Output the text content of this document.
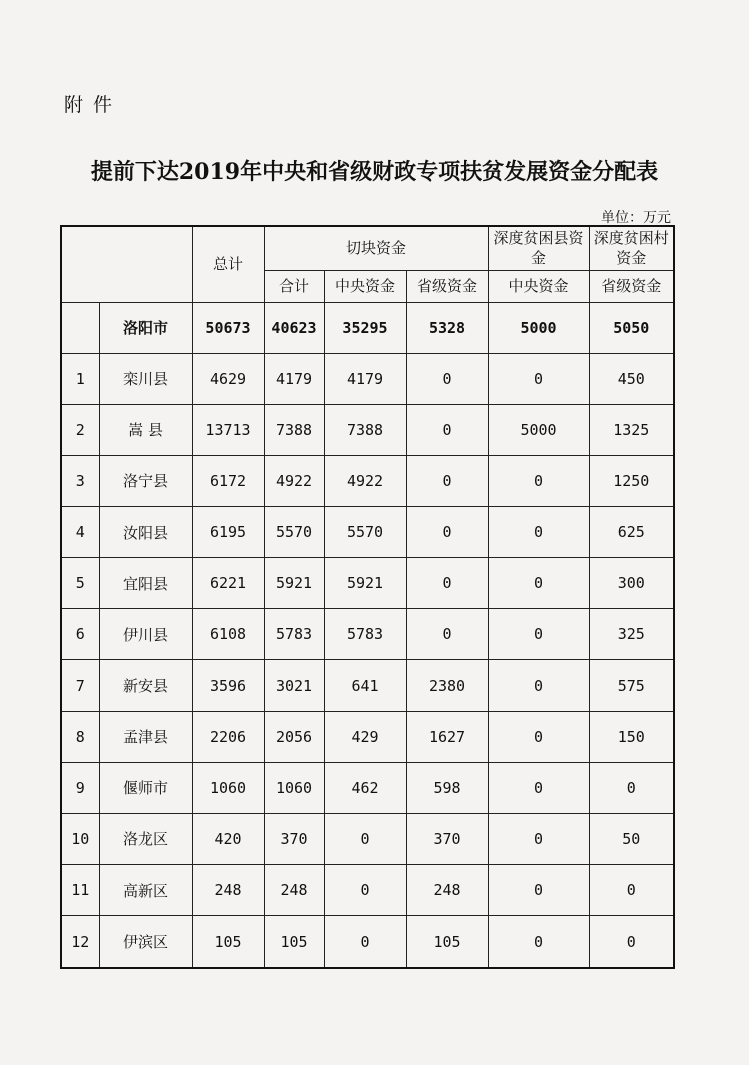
附件
提前下达2019年中央和省级财政专项扶贫发展资金分配表
单位：万元
		总计	切块资金			深度贫困县资金	深度贫困村资金
			合计	中央资金	省级资金	中央资金	省级资金
	洛阳市	50673	40623	35295	5328	5000	5050
1	栾川县	4629	4179	4179	0	0	450
2	嵩 县	13713	7388	7388	0	5000	1325
3	洛宁县	6172	4922	4922	0	0	1250
4	汝阳县	6195	5570	5570	0	0	625
5	宜阳县	6221	5921	5921	0	0	300
6	伊川县	6108	5783	5783	0	0	325
7	新安县	3596	3021	641	2380	0	575
8	孟津县	2206	2056	429	1627	0	150
9	偃师市	1060	1060	462	598	0	0
10	洛龙区	420	370	0	370	0	50
11	高新区	248	248	0	248	0	0
12	伊滨区	105	105	0	105	0	0
